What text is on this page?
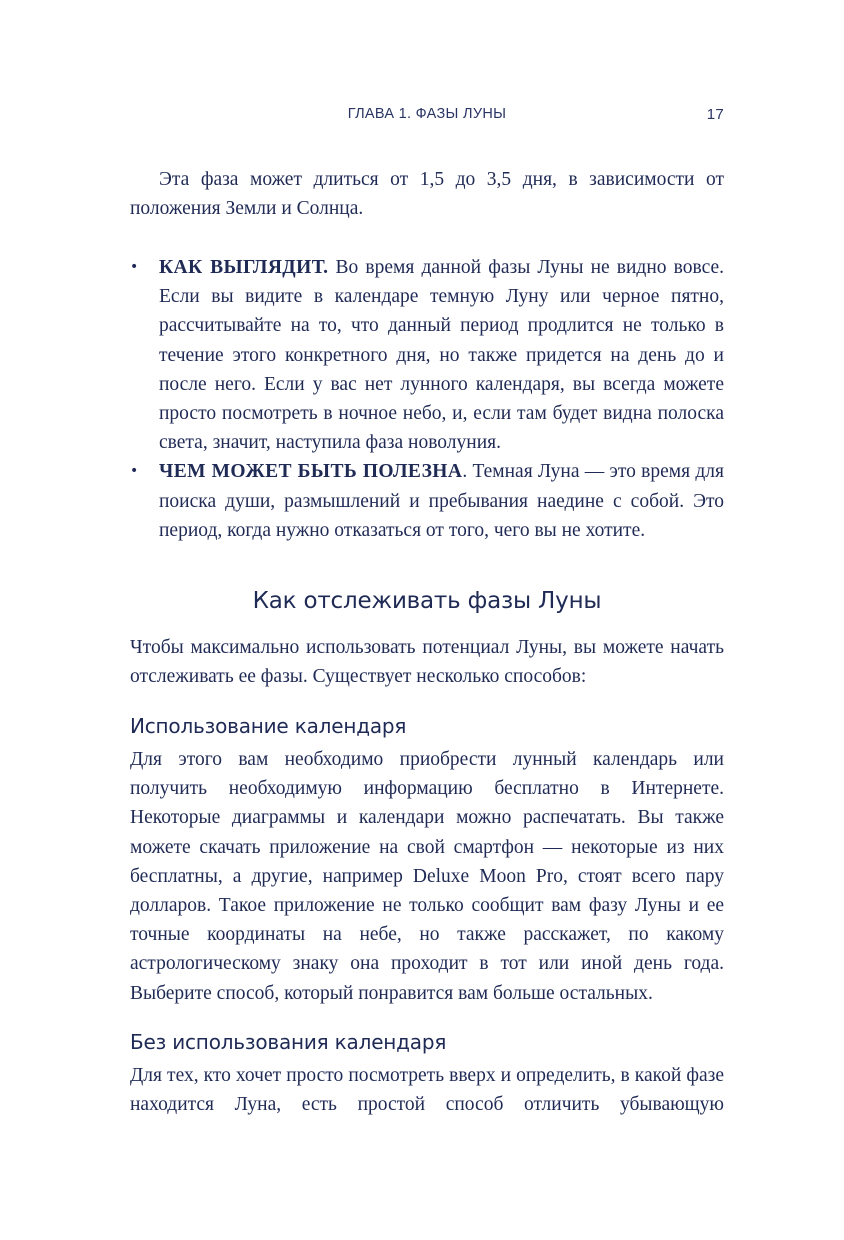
ГЛАВА 1. ФАЗЫ ЛУНЫ	17

Эта фаза может длиться от 1,5 до 3,5 дня, в зависимости от положения Земли и Солнца.

• КАК ВЫГЛЯДИТ. Во время данной фазы Луны не видно вовсе. Если вы видите в календаре темную Луну или черное пятно, рассчитывайте на то, что данный период продлится не только в течение этого конкретного дня, но также придется на день до и после него. Если у вас нет лунного календаря, вы всегда можете просто посмотреть в ночное небо, и, если там будет видна полоска света, значит, наступила фаза новолуния.
• ЧЕМ МОЖЕТ БЫТЬ ПОЛЕЗНА. Темная Луна — это время для поиска души, размышлений и пребывания наедине с собой. Это период, когда нужно отказаться от того, чего вы не хотите.
Как отслеживать фазы Луны

Чтобы максимально использовать потенциал Луны, вы можете начать отслеживать ее фазы. Существует несколько способов:

Использование календаря

Для этого вам необходимо приобрести лунный календарь или получить необходимую информацию бесплатно в Интернете. Некоторые диаграммы и календари можно распечатать. Вы также можете скачать приложение на свой смартфон — некоторые из них бесплатны, а другие, например Deluxe Moon Pro, стоят всего пару долларов. Такое приложение не только сообщит вам фазу Луны и ее точные координаты на небе, но также расскажет, по какому астрологическому знаку она проходит в тот или иной день года. Выберите способ, который понравится вам больше остальных.

Без использования календаря

Для тех, кто хочет просто посмотреть вверх и определить, в какой фазе находится Луна, есть простой способ отличить убывающую
